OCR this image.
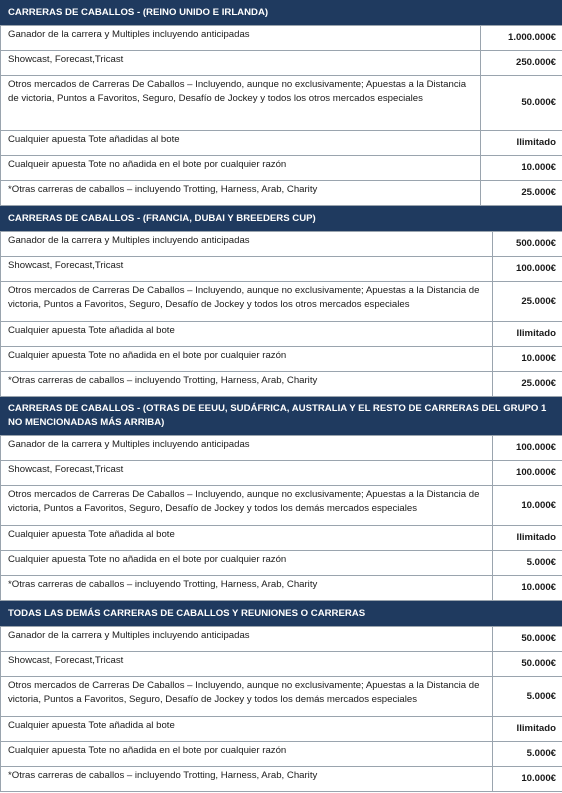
CARRERAS DE CABALLOS - (REINO UNIDO E IRLANDA)
Ganador de la carrera y Multiples incluyendo anticipadas	1.000.000€
Showcast, Forecast,Tricast	250.000€
Otros mercados de Carreras De Caballos – Incluyendo, aunque no exclusivamente; Apuestas a la Distancia de victoria, Puntos a Favoritos, Seguro, Desafío de Jockey y todos los otros mercados especiales	50.000€
Cualquier apuesta Tote añadidas al bote	Ilimitado
Cualqueir apuesta Tote no añadida en el bote por cualquier razón	10.000€
*Otras carreras de caballos – incluyendo Trotting, Harness, Arab, Charity	25.000€
CARRERAS DE CABALLOS - (FRANCIA, DUBAI Y BREEDERS CUP)
Ganador de la carrera y Multiples incluyendo anticipadas	500.000€
Showcast, Forecast,Tricast	100.000€
Otros mercados de Carreras De Caballos – Incluyendo, aunque no exclusivamente; Apuestas a la Distancia de victoria, Puntos a Favoritos, Seguro, Desafío de Jockey y todos los otros mercados especiales	25.000€
Cualquier apuesta Tote añadida al bote	Ilimitado
Cualquier apuesta Tote no añadida en el bote por cualquier razón	10.000€
*Otras carreras de caballos – incluyendo Trotting, Harness, Arab, Charity	25.000€
CARRERAS DE CABALLOS - (OTRAS DE EEUU, SUDÁFRICA, AUSTRALIA Y EL RESTO DE CARRERAS DEL GRUPO 1 NO MENCIONADAS MÁS ARRIBA)
Ganador de la carrera y Multiples incluyendo anticipadas	100.000€
Showcast, Forecast,Tricast	100.000€
Otros mercados de Carreras De Caballos – Incluyendo, aunque no exclusivamente; Apuestas a la Distancia de victoria, Puntos a Favoritos, Seguro, Desafío de Jockey y todos los demás mercados especiales	10.000€
Cualquier apuesta Tote añadida al bote	Ilimitado
Cualquier apuesta Tote no añadida en el bote por cualquier razón	5.000€
*Otras carreras de caballos – incluyendo Trotting, Harness, Arab, Charity	10.000€
TODAS LAS DEMÁS CARRERAS DE CABALLOS Y REUNIONES O CARRERAS
Ganador de la carrera y Multiples incluyendo anticipadas	50.000€
Showcast, Forecast,Tricast	50.000€
Otros mercados de Carreras De Caballos – Incluyendo, aunque no exclusivamente; Apuestas a la Distancia de victoria, Puntos a Favoritos, Seguro, Desafío de Jockey y todos los demás mercados especiales	5.000€
Cualquier apuesta Tote añadida al bote	Ilimitado
Cualquier apuesta Tote no añadida en el bote por cualquier razón	5.000€
*Otras carreras de caballos – incluyendo Trotting, Harness, Arab, Charity	10.000€
